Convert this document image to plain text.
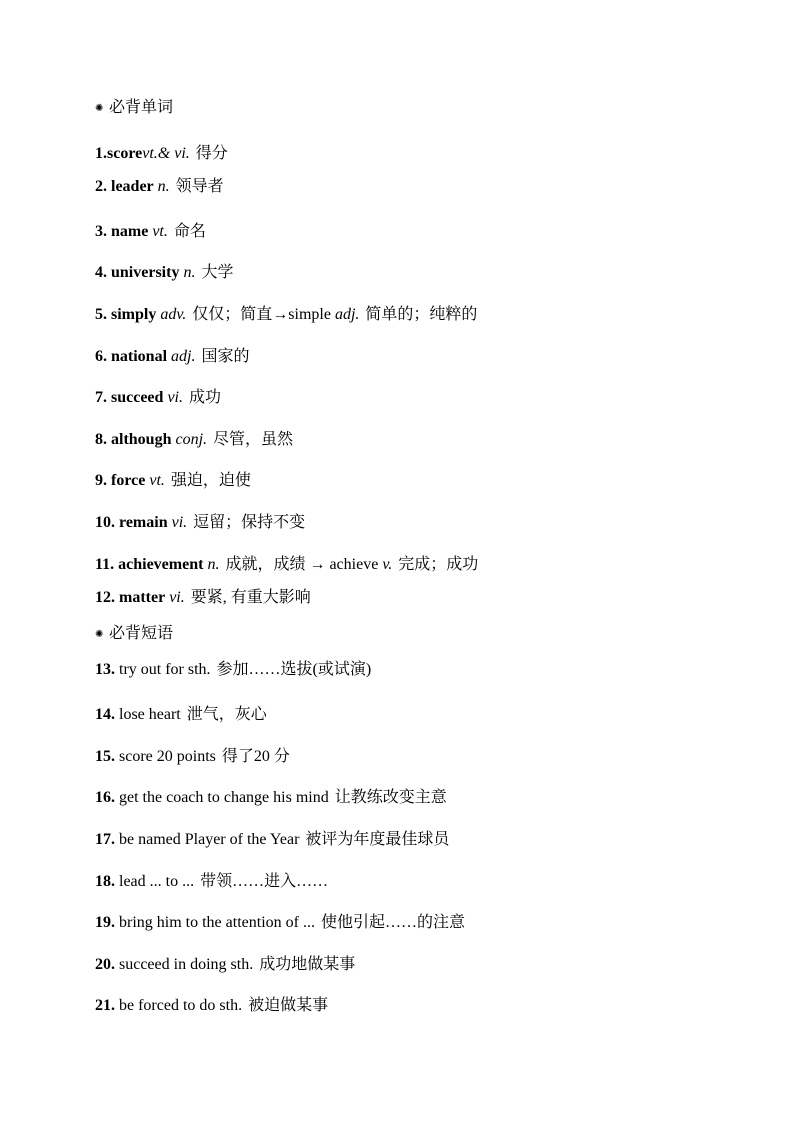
✺ 必背单词
1.scorevt.& vi. 得分
2. leader n. 领导者
3. name vt. 命名
4. university n. 大学
5. simply adv. 仅仅；简直→simple adj. 简单的；纯粹的
6. national adj. 国家的
7. succeed vi. 成功
8. although conj. 尽管，虽然
9. force vt. 强迫，迫使
10. remain vi. 逗留；保持不变
11. achievement n. 成就，成绩 → achieve v. 完成；成功
12. matter vi. 要紧, 有重大影响
✺ 必背短语
13. try out for sth. 参加……选拔(或试演)
14. lose heart 泄气，灰心
15. score 20 points 得了20 分
16. get the coach to change his mind 让教练改变主意
17. be named Player of the Year 被评为年度最佳球员
18. lead ... to ... 带领……进入……
19. bring him to the attention of ... 使他引起……的注意
20. succeed in doing sth. 成功地做某事
21. be forced to do sth. 被迫做某事
